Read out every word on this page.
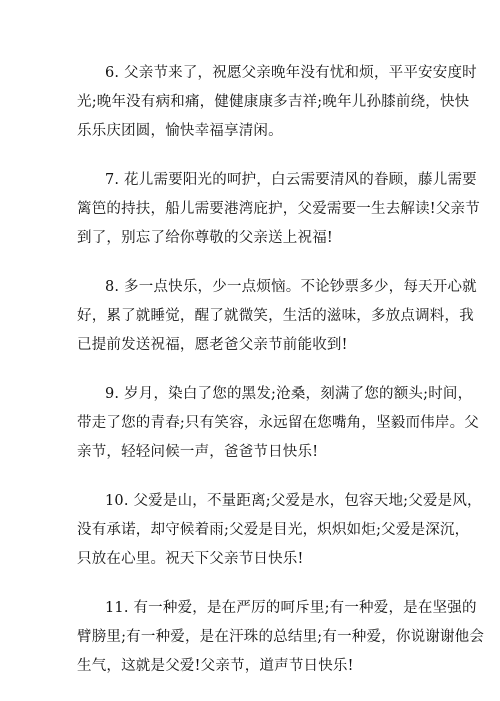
6. 父亲节来了，祝愿父亲晚年没有忧和烦，平平安安度时
光;晚年没有病和痛，健健康康多吉祥;晚年儿孙膝前绕，快快
乐乐庆团圆，愉快幸福享清闲。
7. 花儿需要阳光的呵护，白云需要清风的眷顾，藤儿需要
篱笆的持扶，船儿需要港湾庇护，父爱需要一生去解读!父亲节
到了，别忘了给你尊敬的父亲送上祝福!
8. 多一点快乐，少一点烦恼。不论钞票多少，每天开心就
好，累了就睡觉，醒了就微笑，生活的滋味，多放点调料，我
已提前发送祝福，愿老爸父亲节前能收到!
9. 岁月，染白了您的黑发;沧桑，刻满了您的额头;时间，
带走了您的青春;只有笑容，永远留在您嘴角，坚毅而伟岸。父
亲节，轻轻问候一声，爸爸节日快乐!
10. 父爱是山，不量距离;父爱是水，包容天地;父爱是风，
没有承诺，却守候着雨;父爱是目光，炽炽如炬;父爱是深沉，
只放在心里。祝天下父亲节日快乐!
11. 有一种爱，是在严厉的呵斥里;有一种爱，是在坚强的
臂膀里;有一种爱，是在汗珠的总结里;有一种爱，你说谢谢他会
生气，这就是父爱!父亲节，道声节日快乐!
